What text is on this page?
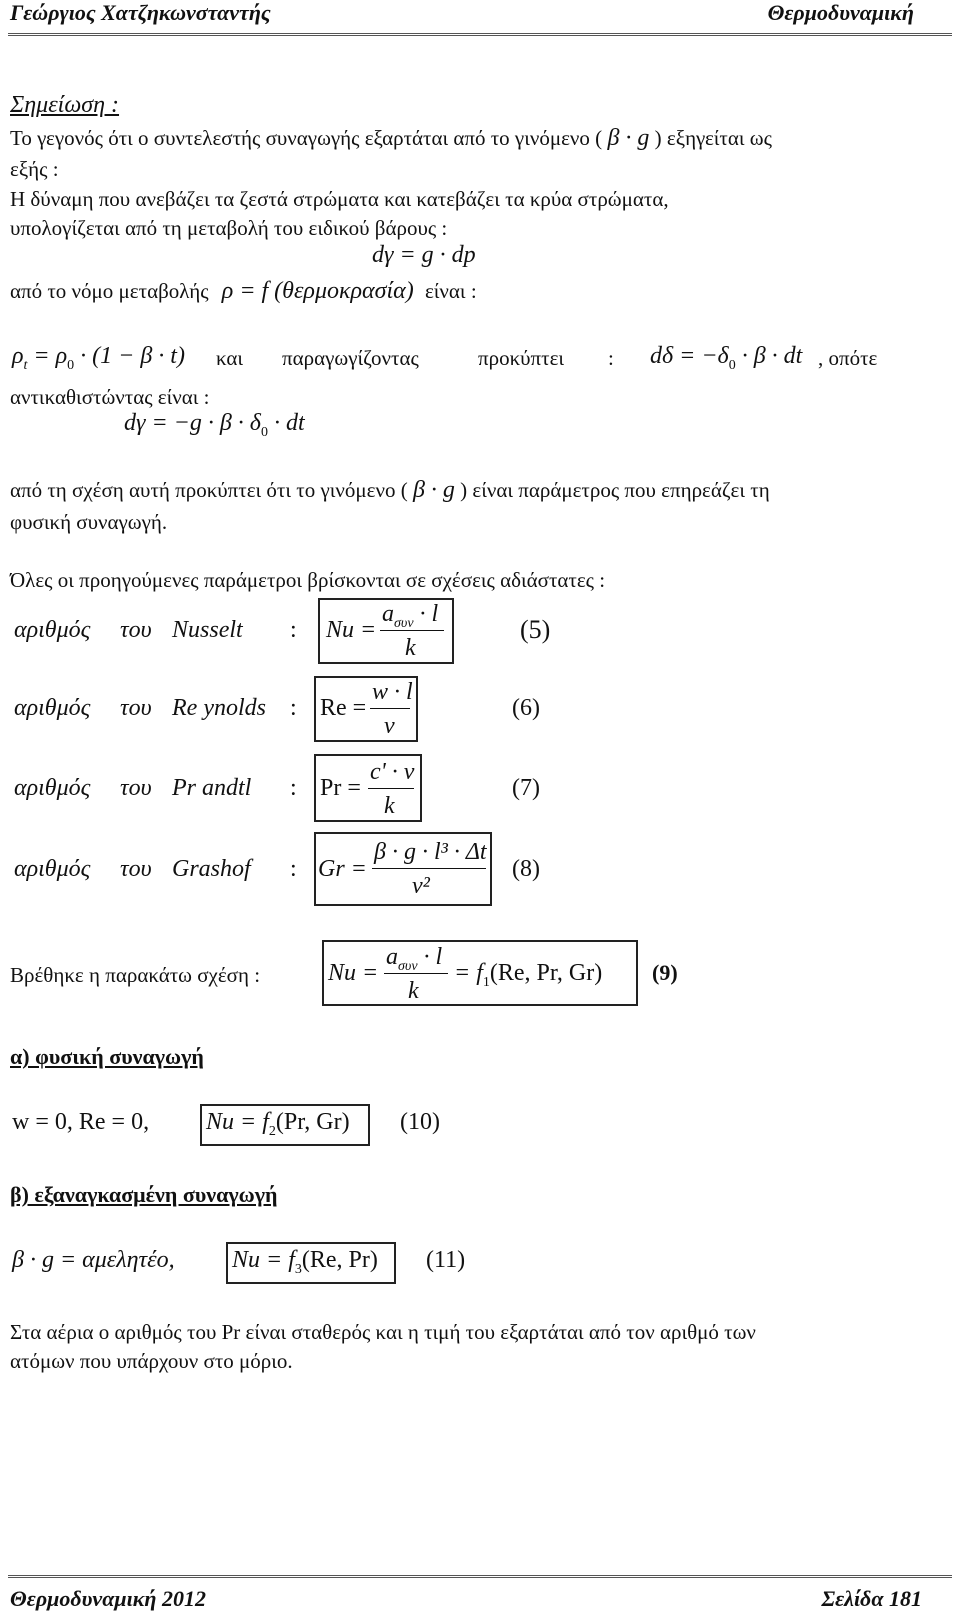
Γεώργιος Χατζηκωνσταντής	Θερμοδυναμική
Σημείωση :
Το γεγονός ότι ο συντελεστής συναγωγής εξαρτάται από το γινόμενο ( β · g ) εξηγείται ως
εξής :
Η δύναμη που ανεβάζει τα ζεστά στρώματα και κατεβάζει τα κρύα στρώματα,
υπολογίζεται από τη μεταβολή του ειδικού βάρους :
dγ = g · dp
από το νόμο μεταβολής ρ = f (θερμοκρασία) είναι :
$\rho_t = \rho_0 \cdot (1 - \beta \cdot t)$ και παραγωγίζοντας	προκύπτει : $d\delta = -\delta_0 \cdot \beta$ · dt , οπότε
αντικαθιστώντας είναι :
$d\gamma = -g \cdot \beta \cdot \delta_0$ · dt
από τη σχέση αυτή προκύπτει ότι το γινόμενο ( β · g ) είναι παράμετρος που επηρεάζει τη
φυσική συναγωγή.
Όλες οι προηγούμενες παράμετροι βρίσκονται σε σχέσεις αδιάστατες :
αριθμός του Nusselt : Nu =
$a_{\sigma\upsilon\nu} \cdot l$
k
(5)
αριθμός του Re ynolds : Re =
w · l
ν
(6)
αριθμός του Pr andtl : Pr =
c' · ν
k
(7)
αριθμός του Grashof : Gr =
β · g · l³ · Δt
ν²
(8)
Βρέθηκε η παρακάτω σχέση :	Nu =
$a_{\sigma\upsilon\nu} \cdot l$
k
= $f_1(Re$, Pr, Gr) (9)
α) φυσική συναγωγή
w = 0, Re = 0, $Nu = f_2(Pr$, Gr) (10)
β) εξαναγκασμένη συναγωγή
β · g = αμελητέο, $Nu = f_3(Re$, Pr) (11)
Στα αέρια ο αριθμός του Pr είναι σταθερός και η τιμή του εξαρτάται από τον αριθμό των
ατόμων που υπάρχουν στο μόριο.
Θερμοδυναμική 2012	Σελίδα 181
